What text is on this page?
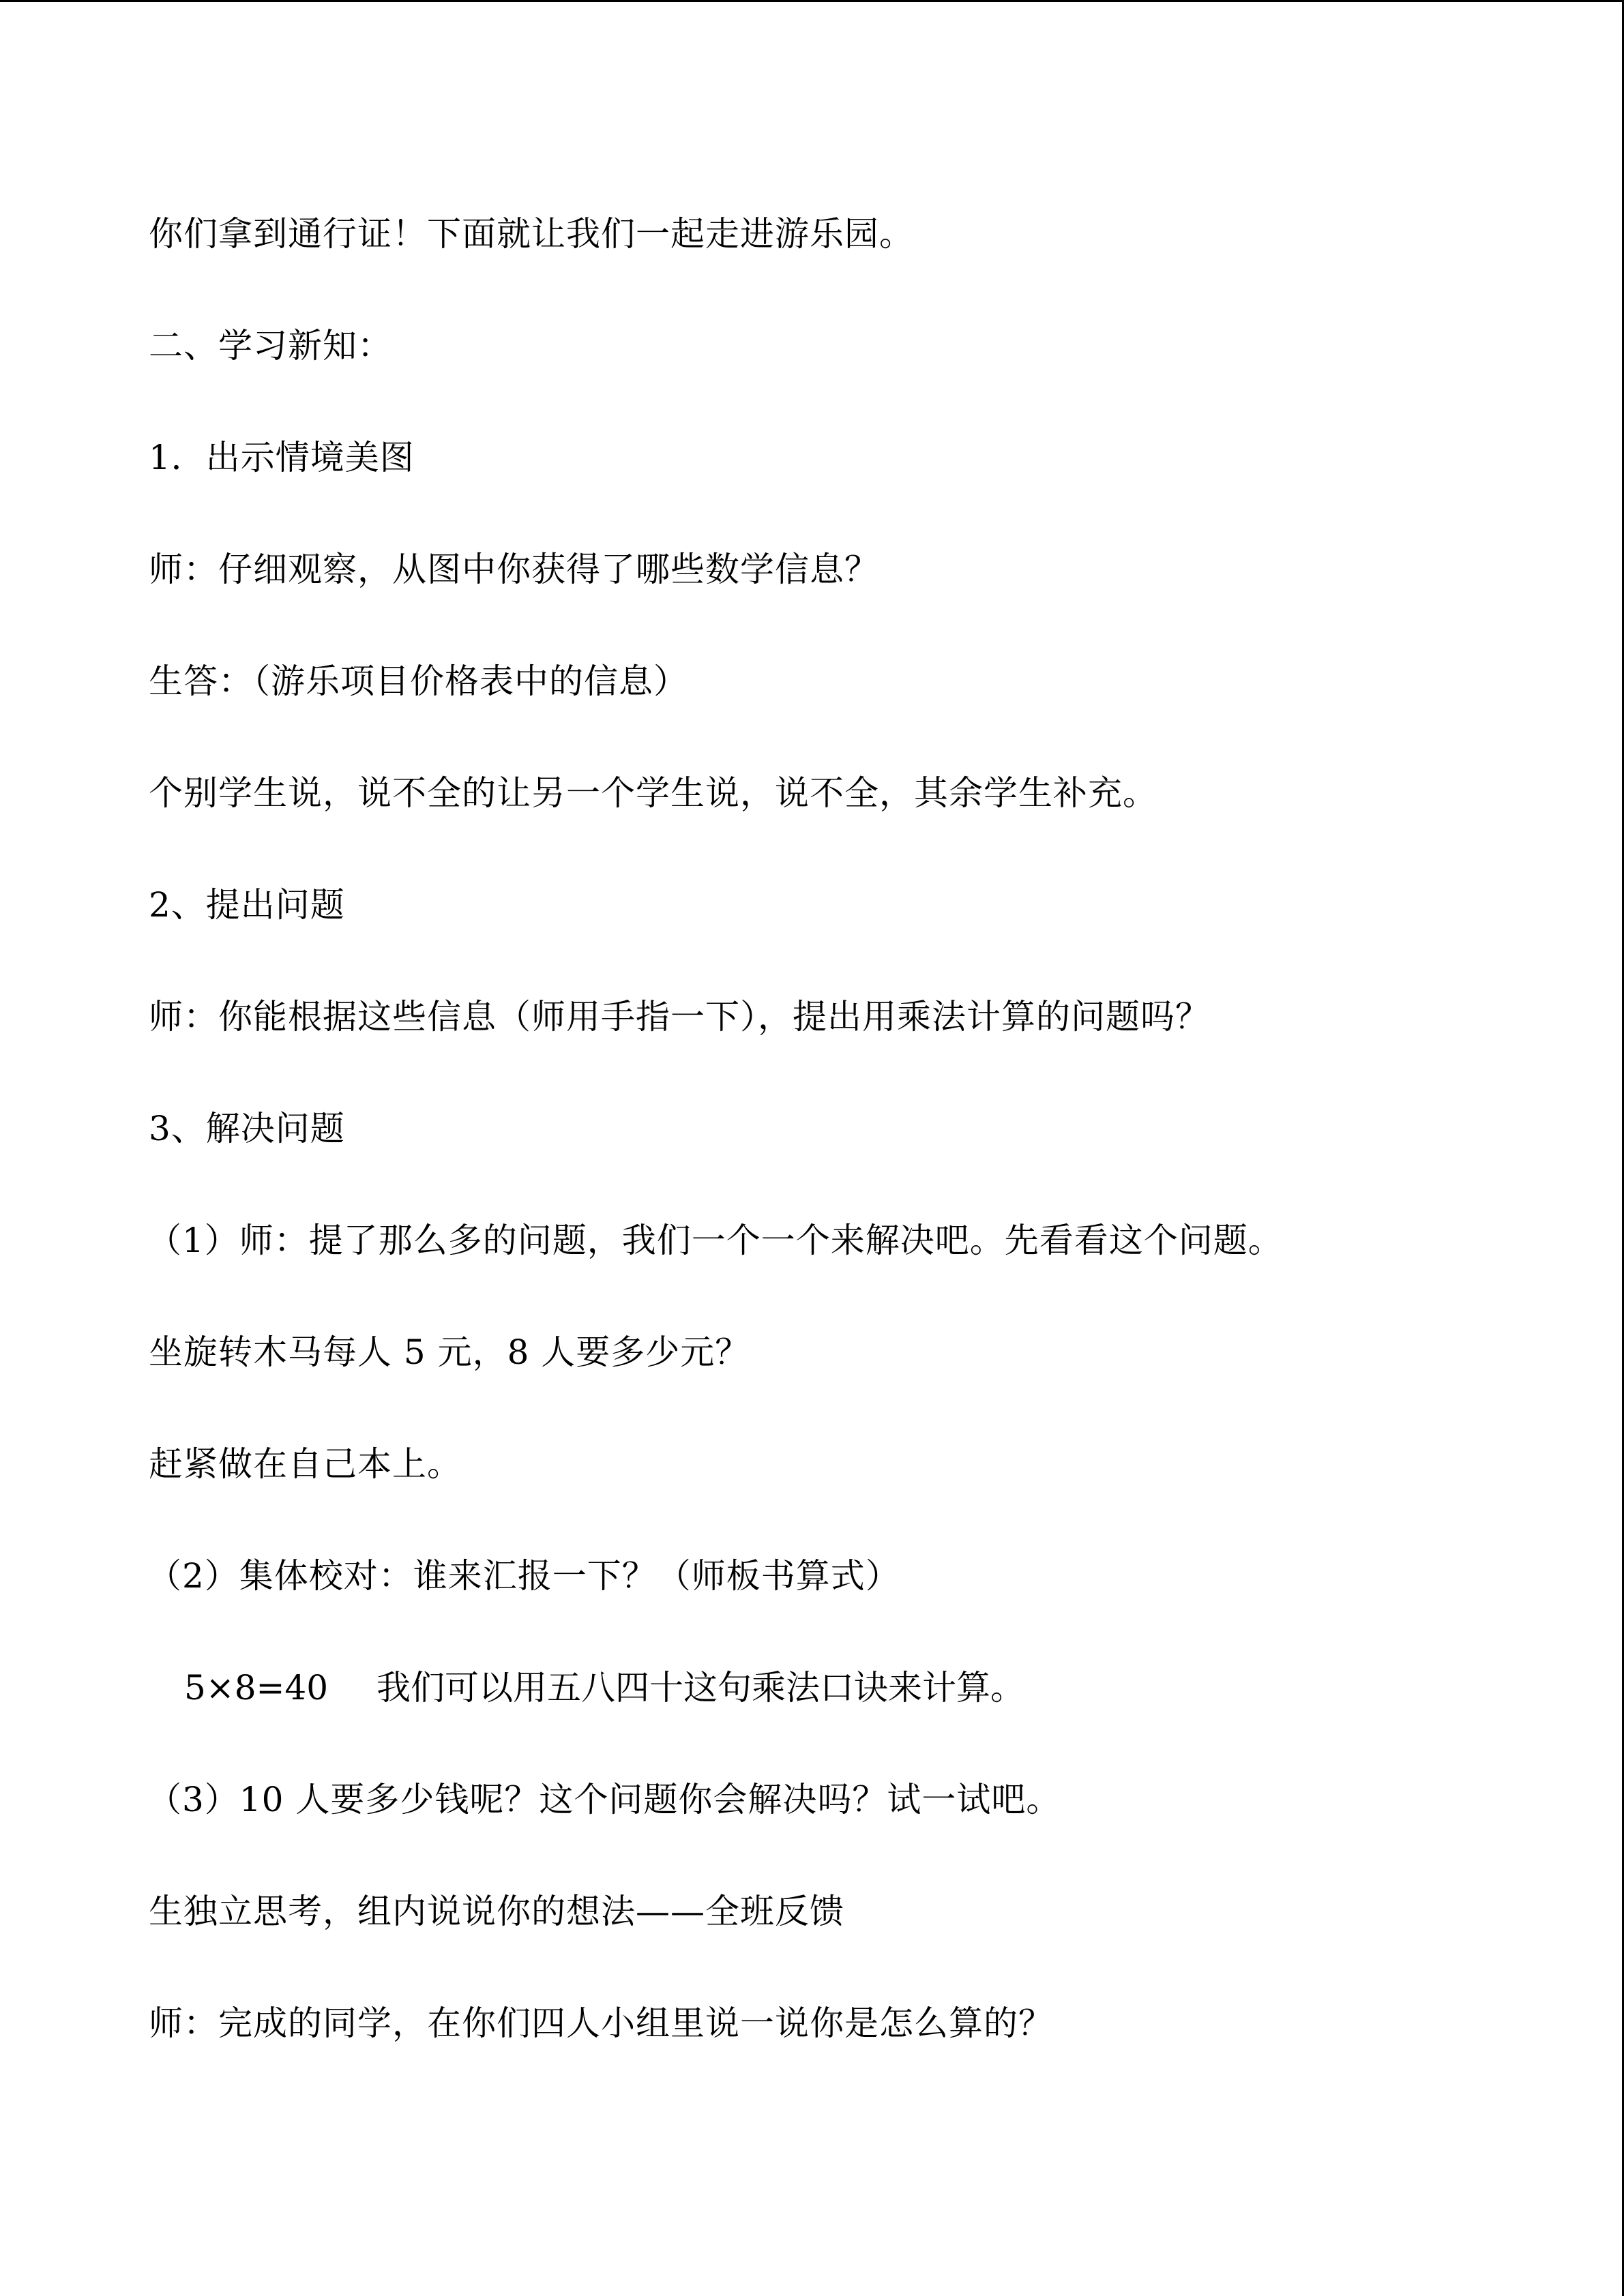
你们拿到通行证！下面就让我们一起走进游乐园。

二、学习新知：

1．出示情境美图

师：仔细观察，从图中你获得了哪些数学信息？

生答：（游乐项目价格表中的信息）

个别学生说，说不全的让另一个学生说，说不全，其余学生补充。

2、提出问题

师：你能根据这些信息（师用手指一下），提出用乘法计算的问题吗？

3、解决问题

（1）师：提了那么多的问题，我们一个一个来解决吧。先看看这个问题。

坐旋转木马每人 5 元，8 人要多少元？

赶紧做在自己本上。

（2）集体校对：谁来汇报一下？（师板书算式）

5×8=40 我们可以用五八四十这句乘法口诀来计算。

（3）10 人要多少钱呢？这个问题你会解决吗？试一试吧。

生独立思考，组内说说你的想法——全班反馈

师：完成的同学，在你们四人小组里说一说你是怎么算的？
